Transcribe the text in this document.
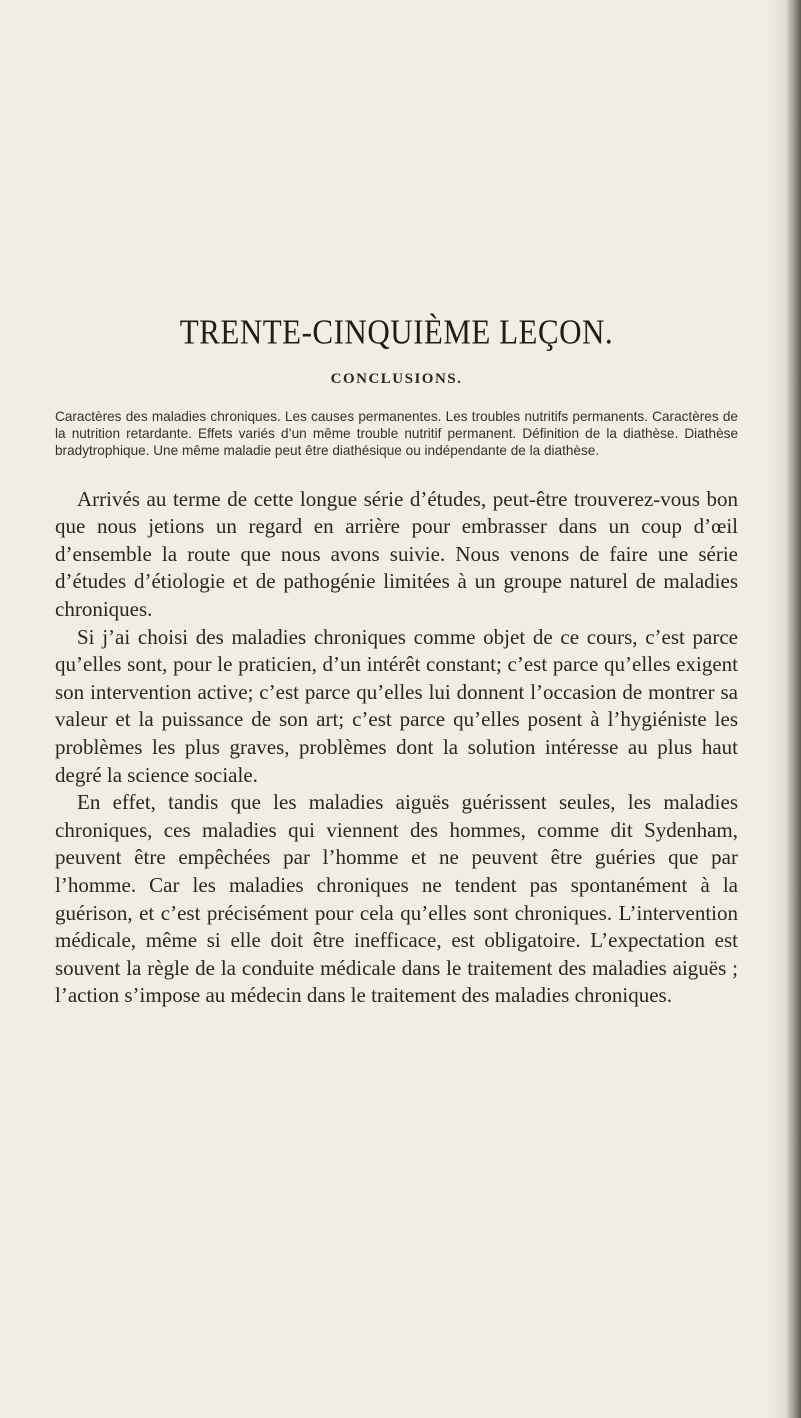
TRENTE-CINQUIÈME LEÇON.
CONCLUSIONS.
Caractères des maladies chroniques. Les causes permanentes. Les troubles nutritifs permanents. Caractères de la nutrition retardante. Effets variés d’un même trouble nutritif permanent. Définition de la diathèse. Diathèse bradytrophique. Une même maladie peut être diathésique ou indépendante de la diathèse.

Arrivés au terme de cette longue série d’études, peut-être trouverez-vous bon que nous jetions un regard en arrière pour embrasser dans un coup d’œil d’ensemble la route que nous avons suivie. Nous venons de faire une série d’études d’étiologie et de pathogénie limitées à un groupe naturel de maladies chroniques.

Si j’ai choisi des maladies chroniques comme objet de ce cours, c’est parce qu’elles sont, pour le praticien, d’un intérêt constant; c’est parce qu’elles exigent son intervention active; c’est parce qu’elles lui donnent l’occasion de montrer sa valeur et la puissance de son art; c’est parce qu’elles posent à l’hygiéniste les problèmes les plus graves, problèmes dont la solution intéresse au plus haut degré la science sociale.

En effet, tandis que les maladies aiguës guérissent seules, les maladies chroniques, ces maladies qui viennent des hommes, comme dit Sydenham, peuvent être empêchées par l’homme et ne peuvent être guéries que par l’homme. Car les maladies chroniques ne tendent pas spontanément à la guérison, et c’est précisément pour cela qu’elles sont chroniques. L’intervention médicale, même si elle doit être inefficace, est obligatoire. L’expectation est souvent la règle de la conduite médicale dans le traitement des maladies aiguës ; l’action s’impose au médecin dans le traitement des maladies chroniques.
